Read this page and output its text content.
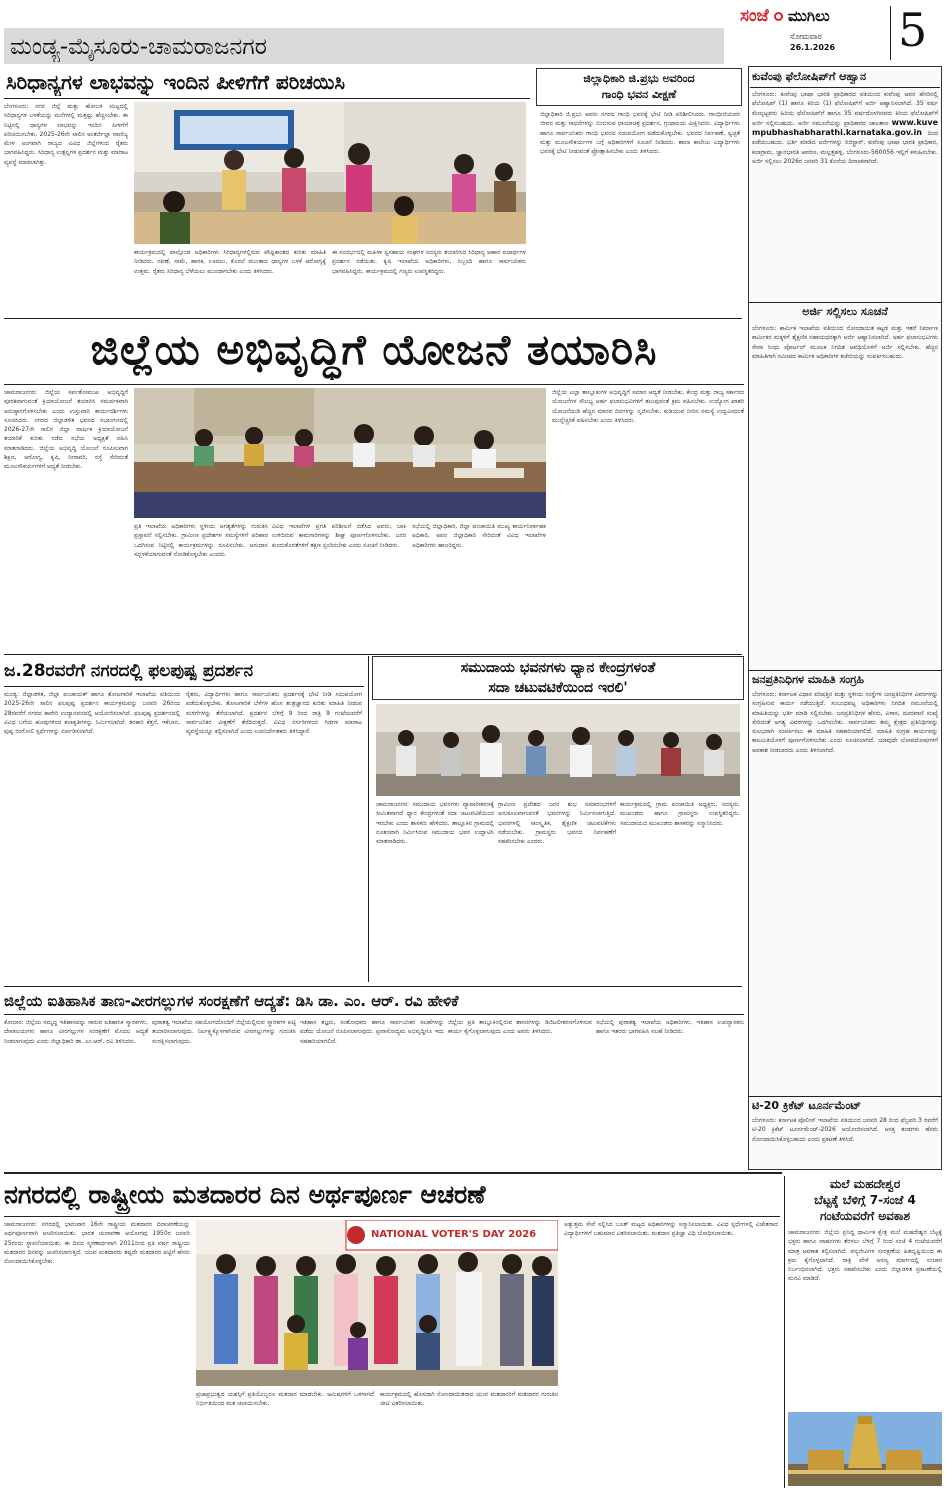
ಮಂಡ್ಯ-ಮೈಸೂರು-ಚಾಮರಾಜನಗರ
ಸಂಜೆ ಮುಗಿಲು
ಸೋಮವಾರ
26.1.2026 5
ಸಿರಿಧಾನ್ಯಗಳ ಲಾಭವನ್ನು ಇಂದಿನ ಪೀಳಿಗೆಗೆ ಪರಿಚಯಿಸಿ
ಬೆಂಗಳೂರು: ನಗರ ಜಿಲ್ಲೆ ಮತ್ತು ಹೋಬಳಿ ಮಟ್ಟದಲ್ಲಿ ಸಿರಿಧಾನ್ಯಗಳ ಬಳಕೆಯನ್ನು ಮನೆಗಳಲ್ಲಿ ಮತ್ತಷ್ಟು ಹೆಚ್ಚಿಸಬೇಕು. ಈ ನಿಟ್ಟಿನಲ್ಲಿ ಧಾನ್ಯಗಳ ಲಾಭವನ್ನು ಇಂದಿನ ಪೀಳಿಗೆಗೆ ಪರಿಚಯಿಸಬೇಕು. 2025-26ನೇ ಸಾಲಿನ ಅಂತರ್ಜಿಲ್ಲಾ ವಾಣಿಜ್ಯ ಮೇಳ ಅಂಗವಾಗಿ ರಾಜ್ಯದ ವಿವಿಧ ಜಿಲ್ಲೆಗಳಿಂದ ರೈತರು ಭಾಗವಹಿಸಿದ್ದರು. ಸಿರಿಧಾನ್ಯ ಉತ್ಪನ್ನಗಳ ಪ್ರದರ್ಶನ ಮತ್ತು ಮಾರಾಟ ವ್ಯವಸ್ಥೆ ಮಾಡಲಾಗಿತ್ತು.
ಕಾರ್ಯಕ್ರಮದಲ್ಲಿ ಪಾಲ್ಗೊಂಡ ಅಧಿಕಾರಿಗಳು ಸಿರಿಧಾನ್ಯಗಳಲ್ಲಿರುವ ಪೌಷ್ಟಿಕಾಂಶದ ಕುರಿತು ಮಾಹಿತಿ ನೀಡಿದರು. ನವಣೆ, ಸಾಮೆ, ಹಾರಕ, ಊದಲು, ಕೊರಲೆ ಮುಂತಾದ ಧಾನ್ಯಗಳ ಬಳಕೆ ಆರೋಗ್ಯಕ್ಕೆ ಉತ್ತಮ. ರೈತರು ಸಿರಿಧಾನ್ಯ ಬೆಳೆಯಲು ಮುಂದಾಗಬೇಕು ಎಂದು ತಿಳಿಸಿದರು.
ಈ ಸಂದರ್ಭದಲ್ಲಿ ಮಹಿಳಾ ಸ್ವಸಹಾಯ ಸಂಘಗಳ ಸದಸ್ಯರು ತಯಾರಿಸಿದ ಸಿರಿಧಾನ್ಯ ಆಹಾರ ಪದಾರ್ಥಗಳ ಪ್ರದರ್ಶನ ನಡೆಯಿತು. ಕೃಷಿ ಇಲಾಖೆಯ ಅಧಿಕಾರಿಗಳು, ಸಿಬ್ಬಂದಿ ಹಾಗೂ ಸಾರ್ವಜನಿಕರು ಭಾಗವಹಿಸಿದ್ದರು. ಕಾರ್ಯಕ್ರಮದಲ್ಲಿ ಗಣ್ಯರು ಉಪಸ್ಥಿತರಿದ್ದರು.
ಜಿಲ್ಲಾಧಿಕಾರಿ ಜಿ.ಪ್ರಭು ಅವರಿಂದ
ಗಾಂಧಿ ಭವನ ವೀಕ್ಷಣೆ
ಜಿಲ್ಲಾಧಿಕಾರಿ ಜಿ.ಪ್ರಭು ಅವರು ನಗರದ ಗಾಂಧಿ ಭವನಕ್ಕೆ ಭೇಟಿ ನೀಡಿ ಪರಿಶೀಲಿಸಿದರು. ಗಾಂಧೀಜಿಯವರ ಜೀವನ ಮತ್ತು ಸಾಧನೆಗಳನ್ನು ಬಿಂಬಿಸುವ ಛಾಯಾಚಿತ್ರ ಪ್ರದರ್ಶನ, ಗ್ರಂಥಾಲಯ ವೀಕ್ಷಿಸಿದರು. ವಿದ್ಯಾರ್ಥಿಗಳು ಹಾಗೂ ಸಾರ್ವಜನಿಕರು ಗಾಂಧಿ ಭವನದ ಸದುಪಯೋಗ ಪಡೆದುಕೊಳ್ಳಬೇಕು. ಭವನದ ನಿರ್ವಹಣೆ, ಸ್ವಚ್ಛತೆ ಮತ್ತು ಮೂಲಸೌಕರ್ಯಗಳ ಬಗ್ಗೆ ಅಧಿಕಾರಿಗಳಿಗೆ ಸೂಚನೆ ನೀಡಿದರು. ಶಾಲಾ ಕಾಲೇಜು ವಿದ್ಯಾರ್ಥಿಗಳು ಭವನಕ್ಕೆ ಭೇಟಿ ನೀಡುವಂತೆ ಪ್ರೋತ್ಸಾಹಿಸಬೇಕು ಎಂದು ತಿಳಿಸಿದರು.
ಕುವೆಂಪು ಫೆಲೋಷಿಪ್‌ಗೆ ಆಹ್ವಾನ
ಬೆಂಗಳೂರು: ಕುವೆಂಪು ಭಾಷಾ ಭಾರತಿ ಪ್ರಾಧಿಕಾರದ ವತಿಯಿಂದ ಕುವೆಂಪು ಅವರ ಹೆಸರಿನಲ್ಲಿ ಫೆಲೋಷಿಪ್ (1) ಹಾಗೂ ಕಿರಿಯ (1) ಫೆಲೋಷಿಪ್‌ಗೆ ಅರ್ಜಿ ಆಹ್ವಾನಿಸಲಾಗಿದೆ. 35 ವರ್ಷ ಮೇಲ್ಪಟ್ಟವರು ಹಿರಿಯ ಫೆಲೋಷಿಪ್‌ಗೆ ಹಾಗೂ 35 ವರ್ಷದೊಳಗಿನವರು ಕಿರಿಯ ಫೆಲೋಷಿಪ್‌ಗೆ ಅರ್ಜಿ ಸಲ್ಲಿಸಬಹುದು. ಅರ್ಜಿ ನಮೂನೆಯನ್ನು ಪ್ರಾಧಿಕಾರದ ಜಾಲತಾಣ www.kuvempubhashabharathi.karnataka.gov.in ದಿಂದ ಪಡೆಯಬಹುದು. ಭರ್ತಿ ಮಾಡಿದ ಅರ್ಜಿಗಳನ್ನು ರಿಜಿಸ್ಟ್ರಾರ್, ಕುವೆಂಪು ಭಾಷಾ ಭಾರತಿ ಪ್ರಾಧಿಕಾರ, ಕಲಾಗ್ರಾಮ, ಜ್ಞಾನಭಾರತಿ ಆವರಣ, ಮಲ್ಲತ್ತಹಳ್ಳಿ, ಬೆಂಗಳೂರು-560056 ಇಲ್ಲಿಗೆ ಕಳುಹಿಸಬೇಕು. ಅರ್ಜಿ ಸಲ್ಲಿಸಲು 2026ರ ಜನವರಿ 31 ಕೊನೆಯ ದಿನಾಂಕವಾಗಿದೆ.
ಅರ್ಜಿ ಸಲ್ಲಿಸಲು ಸೂಚನೆ
ಬೆಂಗಳೂರು: ಕಾರ್ಮಿಕ ಇಲಾಖೆಯ ವತಿಯಿಂದ ನೋಂದಾಯಿತ ಕಟ್ಟಡ ಮತ್ತು ಇತರೆ ನಿರ್ಮಾಣ ಕಾರ್ಮಿಕರ ಮಕ್ಕಳಿಗೆ ಶೈಕ್ಷಣಿಕ ಸಹಾಯಧನಕ್ಕಾಗಿ ಅರ್ಜಿ ಆಹ್ವಾನಿಸಲಾಗಿದೆ. ಅರ್ಹ ಫಲಾನುಭವಿಗಳು ಸೇವಾ ಸಿಂಧು ಪೋರ್ಟಲ್ ಮೂಲಕ ನಿಗದಿತ ಅವಧಿಯೊಳಗೆ ಅರ್ಜಿ ಸಲ್ಲಿಸಬೇಕು. ಹೆಚ್ಚಿನ ಮಾಹಿತಿಗಾಗಿ ಸಮೀಪದ ಕಾರ್ಮಿಕ ಅಧಿಕಾರಿಗಳ ಕಚೇರಿಯನ್ನು ಸಂಪರ್ಕಿಸಬಹುದು.
ಜನಪ್ರತಿನಿಧಿಗಳ ಮಾಹಿತಿ ಸಂಗ್ರಹಿ
ಬೆಂಗಳೂರು: ಕರ್ನಾಟಕ ವಿಧಾನ ಪರಿಷತ್ತಿನ ಮತ್ತು ಸ್ಥಳೀಯ ಸಂಸ್ಥೆಗಳ ಜನಪ್ರತಿನಿಧಿಗಳ ವಿವರಗಳನ್ನು ಸಂಗ್ರಹಿಸುವ ಕಾರ್ಯ ನಡೆಯುತ್ತಿದೆ. ಸಂಬಂಧಪಟ್ಟ ಅಧಿಕಾರಿಗಳು ನಿಗದಿತ ನಮೂನೆಯಲ್ಲಿ ಮಾಹಿತಿಯನ್ನು ಭರ್ತಿ ಮಾಡಿ ಸಲ್ಲಿಸಬೇಕು. ಜನಪ್ರತಿನಿಧಿಗಳ ಹೆಸರು, ವಿಳಾಸ, ದೂರವಾಣಿ ಸಂಖ್ಯೆ ಸೇರಿದಂತೆ ಅಗತ್ಯ ವಿವರಗಳನ್ನು ಒದಗಿಸಬೇಕು. ಸಾರ್ವಜನಿಕರು ತಮ್ಮ ಕ್ಷೇತ್ರದ ಪ್ರತಿನಿಧಿಗಳನ್ನು ಸುಲಭವಾಗಿ ಸಂಪರ್ಕಿಸಲು ಈ ಮಾಹಿತಿ ಸಹಕಾರಿಯಾಗಲಿದೆ. ಮಾಹಿತಿ ಸಂಗ್ರಹ ಕಾರ್ಯವನ್ನು ಕಾಲಮಿತಿಯೊಳಗೆ ಪೂರ್ಣಗೊಳಿಸಬೇಕು ಎಂದು ಸೂಚಿಸಲಾಗಿದೆ. ಯಾವುದೇ ಲೋಪದೋಷಗಳಿಗೆ ಅವಕಾಶ ನೀಡಬಾರದು ಎಂದು ತಿಳಿಸಲಾಗಿದೆ.
ಟಿ-20 ಕ್ರಿಕೆಟ್ ಟೂರ್ನಮೆಂಟ್
ಬೆಂಗಳೂರು: ಕರ್ನಾಟಕ ಪೊಲೀಸ್ ಇಲಾಖೆಯ ವತಿಯಿಂದ ಜನವರಿ 28 ರಿಂದ ಫೆಬ್ರವರಿ 3 ರವರೆಗೆ ಟಿ-20 ಕ್ರಿಕೆಟ್ ಟೂರ್ನಮೆಂಟ್-2026 ಆಯೋಜಿಸಲಾಗಿದೆ. ಆಸಕ್ತ ತಂಡಗಳು ಹೆಸರು ನೋಂದಾಯಿಸಿಕೊಳ್ಳಬಹುದು ಎಂದು ಪ್ರಕಟಣೆ ತಿಳಿಸಿದೆ.
ಜಿಲ್ಲೆಯ ಅಭಿವೃದ್ಧಿಗೆ ಯೋಜನೆ ತಯಾರಿಸಿ
ಚಾಮರಾಜನಗರ: ಜಿಲ್ಲೆಯ ಸರ್ವತೋಮುಖ ಅಭಿವೃದ್ಧಿಗೆ ಪೂರಕವಾಗುವಂತೆ ಕ್ರಿಯಾಯೋಜನೆ ತಯಾರಿಸಿ ಸಮರ್ಪಕವಾಗಿ ಅನುಷ್ಠಾನಗೊಳಿಸಬೇಕು ಎಂದು ಉಸ್ತುವಾರಿ ಕಾರ್ಯದರ್ಶಿಗಳು ಸೂಚಿಸಿದರು. ನಗರದ ಜಿಲ್ಲಾಡಳಿತ ಭವನದ ಸಭಾಂಗಣದಲ್ಲಿ 2026-27ನೇ ಸಾಲಿನ ಜಿಲ್ಲಾ ವಾರ್ಷಿಕ ಕ್ರಿಯಾಯೋಜನೆ ತಯಾರಿಕೆ ಕುರಿತು ನಡೆದ ಸಭೆಯ ಅಧ್ಯಕ್ಷತೆ ವಹಿಸಿ ಮಾತನಾಡಿದರು. ಜಿಲ್ಲೆಯ ಅಭಿವೃದ್ಧಿ ಯೋಜನೆ ರೂಪಿಸುವಾಗ ಶಿಕ್ಷಣ, ಆರೋಗ್ಯ, ಕೃಷಿ, ನೀರಾವರಿ, ರಸ್ತೆ ಸೇರಿದಂತೆ ಮೂಲಸೌಕರ್ಯಗಳಿಗೆ ಆದ್ಯತೆ ನೀಡಬೇಕು.
ಪ್ರತಿ ಇಲಾಖೆಯ ಅಧಿಕಾರಿಗಳು ಸ್ಥಳೀಯ ಅಗತ್ಯತೆಗಳನ್ನು ಗುರುತಿಸಿ ಪ್ರಸ್ತಾವನೆ ಸಲ್ಲಿಸಬೇಕು. ಗ್ರಾಮೀಣ ಪ್ರದೇಶಗಳ ಸಮಸ್ಯೆಗಳಿಗೆ ಪರಿಹಾರ ಒದಗಿಸುವ ನಿಟ್ಟಿನಲ್ಲಿ ಕಾರ್ಯಕ್ರಮಗಳನ್ನು ರೂಪಿಸಬೇಕು. ಅನುದಾನ ಸದ್ಬಳಕೆಯಾಗುವಂತೆ ನೋಡಿಕೊಳ್ಳಬೇಕು ಎಂದರು.
ವಿವಿಧ ಇಲಾಖೆಗಳ ಪ್ರಗತಿ ಪರಿಶೀಲನೆ ನಡೆಸಿದ ಅವರು, ಬಾಕಿ ಉಳಿದಿರುವ ಕಾಮಗಾರಿಗಳನ್ನು ಶೀಘ್ರ ಪೂರ್ಣಗೊಳಿಸಬೇಕು. ಜನರ ಕುಂದುಕೊರತೆಗಳಿಗೆ ತಕ್ಷಣ ಸ್ಪಂದಿಸಬೇಕು ಎಂದು ಸೂಚನೆ ನೀಡಿದರು.
ಸಭೆಯಲ್ಲಿ ಜಿಲ್ಲಾಧಿಕಾರಿ, ಜಿಲ್ಲಾ ಪಂಚಾಯಿತಿ ಮುಖ್ಯ ಕಾರ್ಯನಿರ್ವಾಹಕ ಅಧಿಕಾರಿ, ಅಪರ ಜಿಲ್ಲಾಧಿಕಾರಿ ಸೇರಿದಂತೆ ವಿವಿಧ ಇಲಾಖೆಗಳ ಅಧಿಕಾರಿಗಳು ಹಾಜರಿದ್ದರು.
ಜಿಲ್ಲೆಯ ಎಲ್ಲಾ ತಾಲ್ಲೂಕುಗಳ ಅಭಿವೃದ್ಧಿಗೆ ಸಮಾನ ಆದ್ಯತೆ ನೀಡಬೇಕು. ಕೇಂದ್ರ ಮತ್ತು ರಾಜ್ಯ ಸರ್ಕಾರದ ಯೋಜನೆಗಳ ಸೌಲಭ್ಯ ಅರ್ಹ ಫಲಾನುಭವಿಗಳಿಗೆ ತಲುಪುವಂತೆ ಕ್ರಮ ವಹಿಸಬೇಕು. ಉದ್ಯೋಗ ಖಾತರಿ ಯೋಜನೆಯಡಿ ಹೆಚ್ಚಿನ ಮಾನವ ದಿನಗಳನ್ನು ಸೃಜಿಸಬೇಕು. ಕುಡಿಯುವ ನೀರಿನ ಸಮಸ್ಯೆ ಉದ್ಭವಿಸದಂತೆ ಮುನ್ನೆಚ್ಚರಿಕೆ ವಹಿಸಬೇಕು ಎಂದು ತಿಳಿಸಿದರು.
ಜ.28ರವರೆಗೆ ನಗರದಲ್ಲಿ ಫಲಪುಷ್ಪ ಪ್ರದರ್ಶನ
ಮಂಡ್ಯ: ಜಿಲ್ಲಾಡಳಿತ, ಜಿಲ್ಲಾ ಪಂಚಾಯತ್ ಹಾಗೂ ತೋಟಗಾರಿಕೆ ಇಲಾಖೆಯ ವತಿಯಿಂದ 2025-26ನೇ ಸಾಲಿನ ಫಲಪುಷ್ಪ ಪ್ರದರ್ಶನ ಕಾರ್ಯಕ್ರಮವನ್ನು ಜನವರಿ 26ರಿಂದ 28ರವರೆಗೆ ನಗರದ ಕಾವೇರಿ ಉದ್ಯಾನವನದಲ್ಲಿ ಆಯೋಜಿಸಲಾಗಿದೆ. ಫಲಪುಷ್ಪ ಪ್ರದರ್ಶನದಲ್ಲಿ ವಿವಿಧ ಬಗೆಯ ಹೂವುಗಳಿಂದ ಕಲಾಕೃತಿಗಳನ್ನು ನಿರ್ಮಿಸಲಾಗಿದೆ. ತರಕಾರಿ ಕೆತ್ತನೆ, ಇಕೆಬಾನ, ಪುಷ್ಪ ರಂಗೋಲಿ ಸ್ಪರ್ಧೆಗಳನ್ನು ಏರ್ಪಡಿಸಲಾಗಿದೆ.
ರೈತರು, ವಿದ್ಯಾರ್ಥಿಗಳು ಹಾಗೂ ಸಾರ್ವಜನಿಕರು ಪ್ರದರ್ಶನಕ್ಕೆ ಭೇಟಿ ನೀಡಿ ಸದುಪಯೋಗ ಪಡೆದುಕೊಳ್ಳಬೇಕು. ತೋಟಗಾರಿಕೆ ಬೆಳೆಗಳ ಹೊಸ ತಂತ್ರಜ್ಞಾನದ ಕುರಿತು ಮಾಹಿತಿ ನೀಡುವ ಮಳಿಗೆಗಳನ್ನು ತೆರೆಯಲಾಗಿದೆ. ಪ್ರದರ್ಶನ ಬೆಳಿಗ್ಗೆ 9 ರಿಂದ ರಾತ್ರಿ 9 ಗಂಟೆಯವರೆಗೆ ಸಾರ್ವಜನಿಕರ ವೀಕ್ಷಣೆಗೆ ತೆರೆದಿರುತ್ತದೆ. ವಿವಿಧ ನರ್ಸರಿಗಳಿಂದ ಗಿಡಗಳ ಮಾರಾಟ ವ್ಯವಸ್ಥೆಯನ್ನೂ ಕಲ್ಪಿಸಲಾಗಿದೆ ಎಂದು ಉಪನಿರ್ದೇಶಕರು ತಿಳಿಸಿದ್ದಾರೆ.
ಸಮುದಾಯ ಭವನಗಳು ಧ್ಯಾನ ಕೇಂದ್ರಗಳಂತೆ
ಸದಾ ಚಟುವಟಿಕೆಯಿಂದ ಇರಲಿ'
ಚಾಮರಾಜನಗರ: ಸಮುದಾಯ ಭವನಗಳು ವ್ಯಾಪಾರೀಕರಣಕ್ಕೆ ಸೀಮಿತವಾಗದೆ ಧ್ಯಾನ ಕೇಂದ್ರಗಳಂತೆ ಸದಾ ಚಟುವಟಿಕೆಯಿಂದ ಇರಬೇಕು ಎಂದು ಶಾಸಕರು ಹೇಳಿದರು. ತಾಲ್ಲೂಕಿನ ಗ್ರಾಮದಲ್ಲಿ ನೂತನವಾಗಿ ನಿರ್ಮಿಸಿರುವ ಸಮುದಾಯ ಭವನ ಉದ್ಘಾಟಿಸಿ ಮಾತನಾಡಿದರು.
ಗ್ರಾಮೀಣ ಪ್ರದೇಶದ ಜನರ ಶುಭ ಸಮಾರಂಭಗಳಿಗೆ ಅನುಕೂಲವಾಗುವಂತೆ ಭವನಗಳನ್ನು ನಿರ್ಮಿಸಲಾಗುತ್ತಿದೆ. ಭವನಗಳಲ್ಲಿ ಸಾಂಸ್ಕೃತಿಕ, ಶೈಕ್ಷಣಿಕ ಚಟುವಟಿಕೆಗಳು ನಡೆಯಬೇಕು. ಗ್ರಾಮಸ್ಥರು ಭವನದ ನಿರ್ವಹಣೆಗೆ ಸಹಕರಿಸಬೇಕು ಎಂದರು.
ಕಾರ್ಯಕ್ರಮದಲ್ಲಿ ಗ್ರಾಮ ಪಂಚಾಯಿತಿ ಅಧ್ಯಕ್ಷರು, ಸದಸ್ಯರು, ಮುಖಂಡರು ಹಾಗೂ ಗ್ರಾಮಸ್ಥರು ಉಪಸ್ಥಿತರಿದ್ದರು. ಸಮುದಾಯದ ಮುಖಂಡರು ಶಾಸಕರನ್ನು ಸನ್ಮಾನಿಸಿದರು.
ಜಿಲ್ಲೆಯ ಐತಿಹಾಸಿಕ ತಾಣ-ವೀರಗಲ್ಲುಗಳ ಸಂರಕ್ಷಣೆಗೆ ಆದ್ಯತೆ: ಡಿಸಿ ಡಾ. ಎಂ. ಆರ್. ರವಿ ಹೇಳಿಕೆ
ಕೋಲಾರ: ಜಿಲ್ಲೆಯ ಸಮೃದ್ಧ ಇತಿಹಾಸವನ್ನು ಸಾರುವ ಐತಿಹಾಸಿಕ ಸ್ಮಾರಕಗಳು, ದೇವಾಲಯಗಳು ಹಾಗೂ ವೀರಗಲ್ಲುಗಳ ಸಂರಕ್ಷಣೆಗೆ ಮೊದಲ ಆದ್ಯತೆ ನೀಡಲಾಗುವುದು ಎಂದು ಜಿಲ್ಲಾಧಿಕಾರಿ ಡಾ. ಎಂ.ಆರ್. ರವಿ ತಿಳಿಸಿದರು.
ಪುರಾತತ್ವ ಇಲಾಖೆಯ ಸಹಯೋಗದೊಂದಿಗೆ ಜಿಲ್ಲೆಯಲ್ಲಿರುವ ಸ್ಮಾರಕಗಳ ಪಟ್ಟಿ ತಯಾರಿಸಲಾಗುವುದು. ನಿರ್ಲಕ್ಷ್ಯಕ್ಕೊಳಗಾಗಿರುವ ವೀರಗಲ್ಲುಗಳನ್ನು ಗುರುತಿಸಿ ಸಂರಕ್ಷಿಸಲಾಗುವುದು.
ಇತಿಹಾಸ ತಜ್ಞರು, ಸಂಶೋಧಕರು ಹಾಗೂ ಸಾರ್ವಜನಿಕರ ಸಲಹೆಗಳನ್ನು ಪಡೆದು ಯೋಜನೆ ರೂಪಿಸಲಾಗುವುದು. ಪ್ರವಾಸೋದ್ಯಮ ಅಭಿವೃದ್ಧಿಗೂ ಇದು ಸಹಕಾರಿಯಾಗಲಿದೆ.
ಜಿಲ್ಲೆಯ ಪ್ರತಿ ತಾಲ್ಲೂಕಿನಲ್ಲಿರುವ ಶಾಸನಗಳನ್ನು ಡಿಜಿಟಲೀಕರಣಗೊಳಿಸುವ ಕಾರ್ಯ ಕೈಗೊಳ್ಳಲಾಗುವುದು ಎಂದು ಅವರು ತಿಳಿಸಿದರು.
ಸಭೆಯಲ್ಲಿ ಪುರಾತತ್ವ ಇಲಾಖೆಯ ಅಧಿಕಾರಿಗಳು, ಇತಿಹಾಸ ಉಪನ್ಯಾಸಕರು ಹಾಗೂ ಇತರರು ಭಾಗವಹಿಸಿ ಸಲಹೆ ನೀಡಿದರು.
ನಗರದಲ್ಲಿ ರಾಷ್ಟ್ರೀಯ ಮತದಾರರ ದಿನ ಅರ್ಥಪೂರ್ಣ ಆಚರಣೆ
ಚಾಮರಾಜನಗರ: ನಗರದಲ್ಲಿ ಭಾನುವಾರ 16ನೇ ರಾಷ್ಟ್ರೀಯ ಮತದಾರರ ದಿನಾಚರಣೆಯನ್ನು ಅರ್ಥಪೂರ್ಣವಾಗಿ ಆಚರಿಸಲಾಯಿತು. ಭಾರತ ಚುನಾವಣಾ ಆಯೋಗವು 1950ರ ಜನವರಿ 25ರಂದು ಸ್ಥಾಪನೆಯಾಯಿತು. ಈ ದಿನದ ಸ್ಮರಣಾರ್ಥವಾಗಿ 2011ರಿಂದ ಪ್ರತಿ ವರ್ಷ ರಾಷ್ಟ್ರೀಯ ಮತದಾರರ ದಿನವನ್ನು ಆಚರಿಸಲಾಗುತ್ತಿದೆ. ಯುವ ಮತದಾರರು ತಪ್ಪದೇ ಮತದಾರರ ಪಟ್ಟಿಗೆ ಹೆಸರು ನೋಂದಾಯಿಸಿಕೊಳ್ಳಬೇಕು.
NATIONAL VOTER'S DAY 2026
ಪ್ರಜಾಪ್ರಭುತ್ವದ ಯಶಸ್ಸಿಗೆ ಪ್ರತಿಯೊಬ್ಬರೂ ಮತದಾನ ಮಾಡಬೇಕು. ಆಮಿಷಗಳಿಗೆ ಒಳಗಾಗದೆ ನಿರ್ಭೀತಿಯಿಂದ ಮತ ಚಲಾಯಿಸಬೇಕು.
ಕಾರ್ಯಕ್ರಮದಲ್ಲಿ ಹೊಸದಾಗಿ ನೋಂದಾಯಿತರಾದ ಯುವ ಮತದಾರರಿಗೆ ಮತದಾರರ ಗುರುತಿನ ಚೀಟಿ ವಿತರಿಸಲಾಯಿತು.
ಅತ್ಯುತ್ತಮ ಸೇವೆ ಸಲ್ಲಿಸಿದ ಬೂತ್ ಮಟ್ಟದ ಅಧಿಕಾರಿಗಳನ್ನು ಸನ್ಮಾನಿಸಲಾಯಿತು. ವಿವಿಧ ಸ್ಪರ್ಧೆಗಳಲ್ಲಿ ವಿಜೇತರಾದ ವಿದ್ಯಾರ್ಥಿಗಳಿಗೆ ಬಹುಮಾನ ವಿತರಿಸಲಾಯಿತು. ಮತದಾನ ಪ್ರತಿಜ್ಞಾ ವಿಧಿ ಬೋಧಿಸಲಾಯಿತು.
ಮಲೆ ಮಹದೇಶ್ವರ
ಬೆಟ್ಟಕ್ಕೆ ಬೆಳಿಗ್ಗೆ 7-ಸಂಜೆ 4
ಗಂಟೆಯವರೆಗೆ ಅವಕಾಶ
ಚಾಮರಾಜನಗರ: ಜಿಲ್ಲೆಯ ಪ್ರಸಿದ್ಧ ಧಾರ್ಮಿಕ ಕ್ಷೇತ್ರ ಮಲೆ ಮಹದೇಶ್ವರ ಬೆಟ್ಟಕ್ಕೆ ಭಕ್ತರು ಹಾಗೂ ವಾಹನಗಳು ತೆರಳಲು ಬೆಳಿಗ್ಗೆ 7 ರಿಂದ ಸಂಜೆ 4 ಗಂಟೆಯವರೆಗೆ ಮಾತ್ರ ಅವಕಾಶ ಕಲ್ಪಿಸಲಾಗಿದೆ. ವನ್ಯಜೀವಿಗಳ ಸಂರಕ್ಷಣೆಯ ಹಿತದೃಷ್ಟಿಯಿಂದ ಈ ಕ್ರಮ ಕೈಗೊಳ್ಳಲಾಗಿದೆ. ರಾತ್ರಿ ವೇಳೆ ಅರಣ್ಯ ಮಾರ್ಗದಲ್ಲಿ ಸಂಚಾರ ನಿರ್ಬಂಧಿಸಲಾಗಿದೆ. ಭಕ್ತರು ಸಹಕರಿಸಬೇಕು ಎಂದು ಜಿಲ್ಲಾಡಳಿತ ಪ್ರಕಟಣೆಯಲ್ಲಿ ಮನವಿ ಮಾಡಿದೆ.
